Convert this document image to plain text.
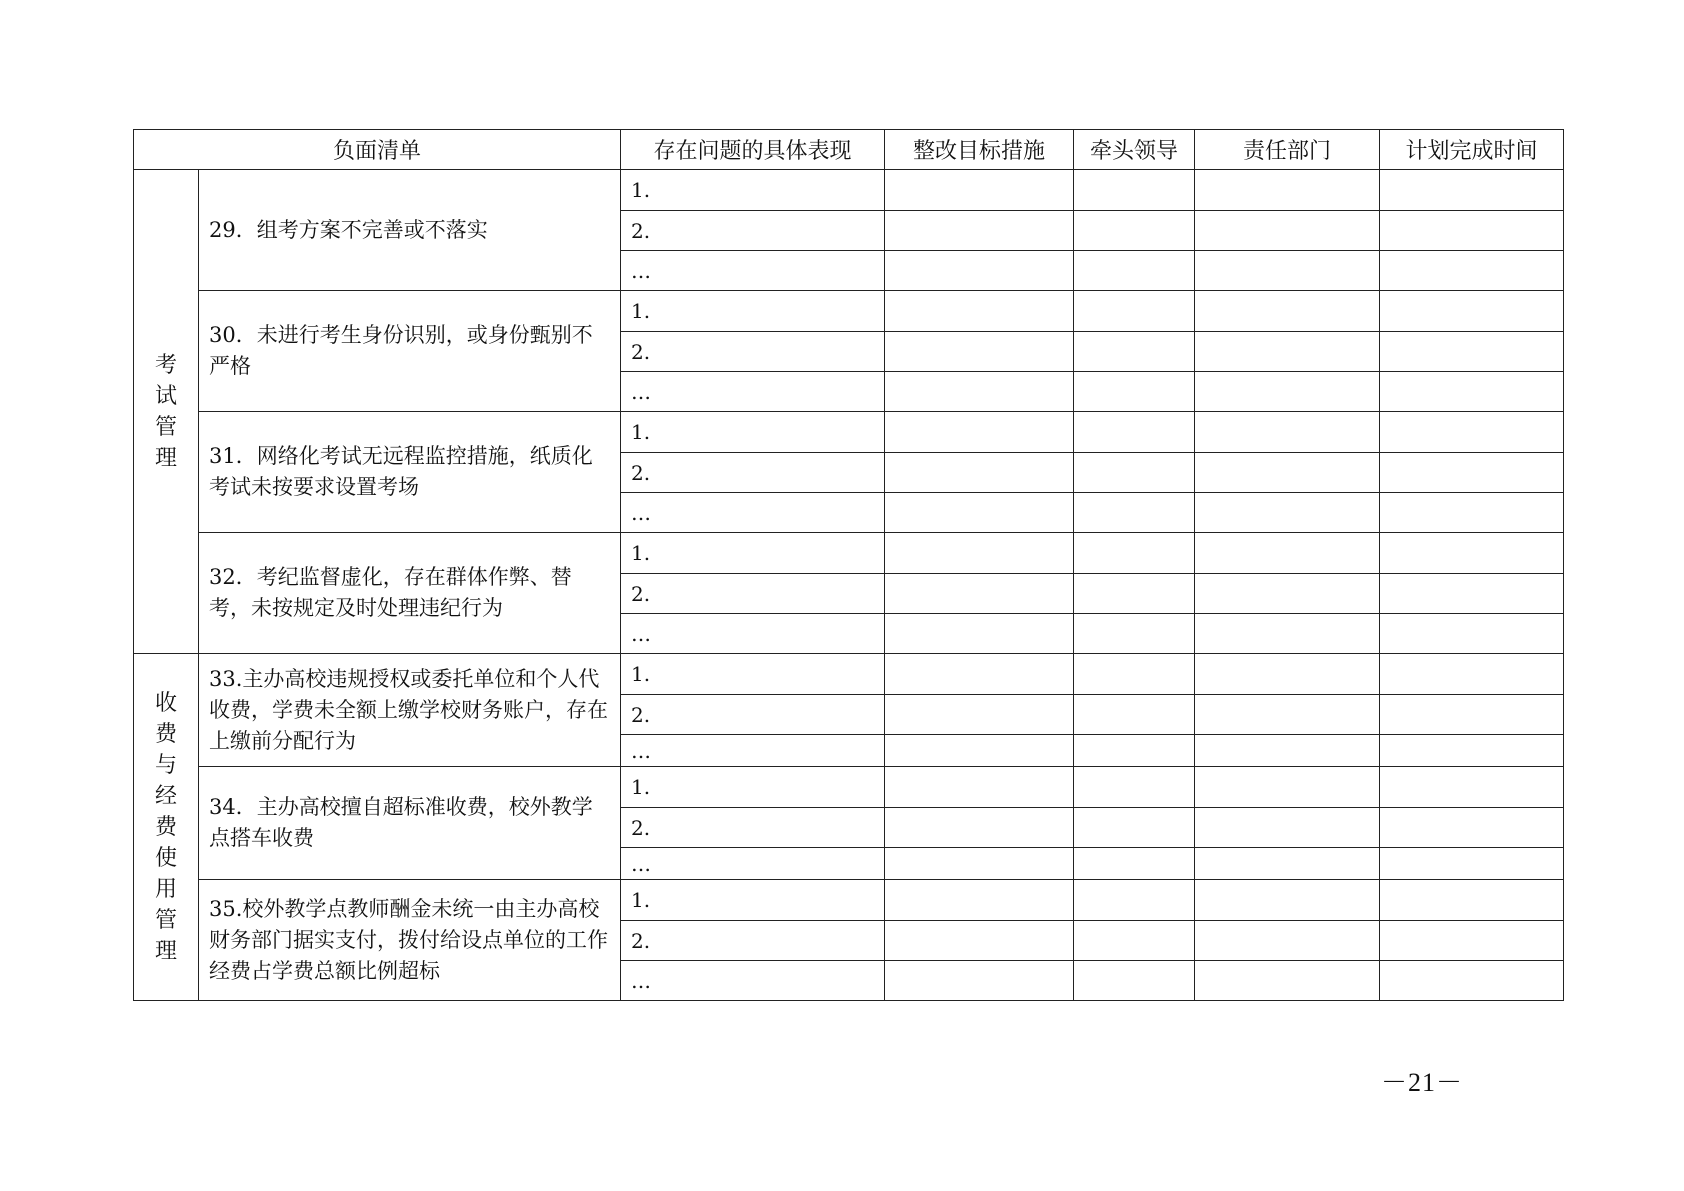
负面清单		存在问题的具体表现	整改目标措施	牵头领导	责任部门	计划完成时间
考试管理	29．组考方案不完善或不落实	1.				
		2.				
		…				
	30．未进行考生身份识别，或身份甄别不严格	1.				
		2.				
		…				
	31．网络化考试无远程监控措施，纸质化考试未按要求设置考场	1.				
		2.				
		…				
	32．考纪监督虚化，存在群体作弊、替考，未按规定及时处理违纪行为	1.				
		2.				
		…				
收费与经费使用管理	33.主办高校违规授权或委托单位和个人代收费，学费未全额上缴学校财务账户，存在上缴前分配行为	1.				
		2.				
		…				
	34．主办高校擅自超标准收费，校外教学点搭车收费	1.				
		2.				
		…				
	35.校外教学点教师酬金未统一由主办高校财务部门据实支付，拨付给设点单位的工作经费占学费总额比例超标	1.				
		2.				
		…				
－21－
